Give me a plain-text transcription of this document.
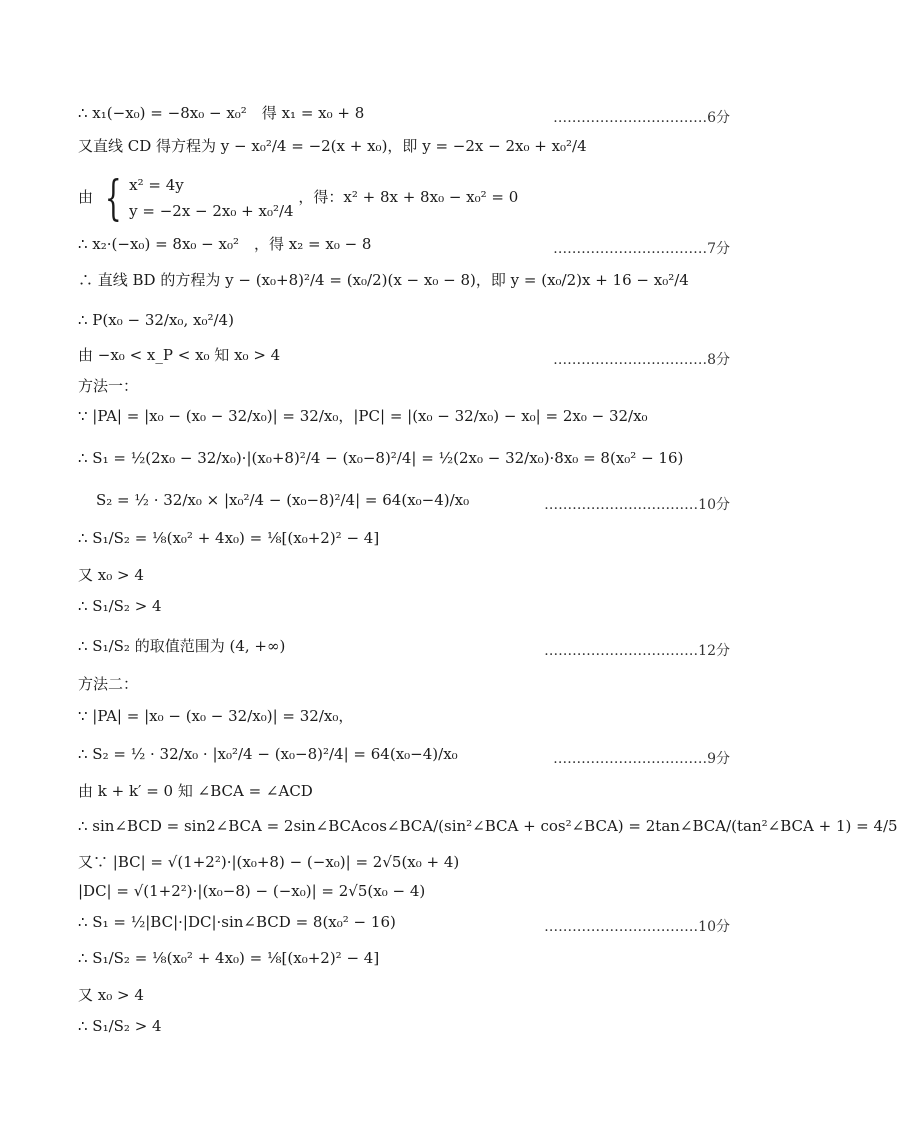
∴ x₁(−x₀) = −8x₀ − x₀²　得 x₁ = x₀ + 8	……………………………6分
又直线 CD 得方程为 y − x₀²/4 = −2(x + x₀)，即 y = −2x − 2x₀ + x₀²/4
由 { x² = 4y
y = −2x − 2x₀ + x₀²/4
，得：x² + 8x + 8x₀ − x₀² = 0
∴ x₂·(−x₀) = 8x₀ − x₀²　，得 x₂ = x₀ − 8	……………………………7分
∴ 直线 BD 的方程为 y − (x₀+8)²/4 = (x₀/2)(x − x₀ − 8)，即 y = (x₀/2)x + 16 − x₀²/4
∴ P(x₀ − 32/x₀, x₀²/4)
由 −x₀ < x_P < x₀ 知 x₀ > 4	……………………………8分
方法一：
∵ |PA| = |x₀ − (x₀ − 32/x₀)| = 32/x₀，|PC| = |(x₀ − 32/x₀) − x₀| = 2x₀ − 32/x₀
∴ S₁ = ½(2x₀ − 32/x₀)·|(x₀+8)²/4 − (x₀−8)²/4| = ½(2x₀ − 32/x₀)·8x₀ = 8(x₀² − 16)
S₂ = ½ · 32/x₀ × |x₀²/4 − (x₀−8)²/4| = 64(x₀−4)/x₀	……………………………10分
∴ S₁/S₂ = ⅛(x₀² + 4x₀) = ⅛[(x₀+2)² − 4]
又 x₀ > 4
∴ S₁/S₂ > 4
∴ S₁/S₂ 的取值范围为 (4, +∞)	……………………………12分
方法二：
∵ |PA| = |x₀ − (x₀ − 32/x₀)| = 32/x₀，
∴ S₂ = ½ · 32/x₀ · |x₀²/4 − (x₀−8)²/4| = 64(x₀−4)/x₀	……………………………9分
由 k + k′ = 0 知 ∠BCA = ∠ACD
∴ sin∠BCD = sin2∠BCA = 2sin∠BCAcos∠BCA/(sin²∠BCA + cos²∠BCA) = 2tan∠BCA/(tan²∠BCA + 1) = 4/5
又∵ |BC| = √(1+2²)·|(x₀+8) − (−x₀)| = 2√5(x₀ + 4)
|DC| = √(1+2²)·|(x₀−8) − (−x₀)| = 2√5(x₀ − 4)
∴ S₁ = ½|BC|·|DC|·sin∠BCD = 8(x₀² − 16)	……………………………10分
∴ S₁/S₂ = ⅛(x₀² + 4x₀) = ⅛[(x₀+2)² − 4]
又 x₀ > 4
∴ S₁/S₂ > 4
